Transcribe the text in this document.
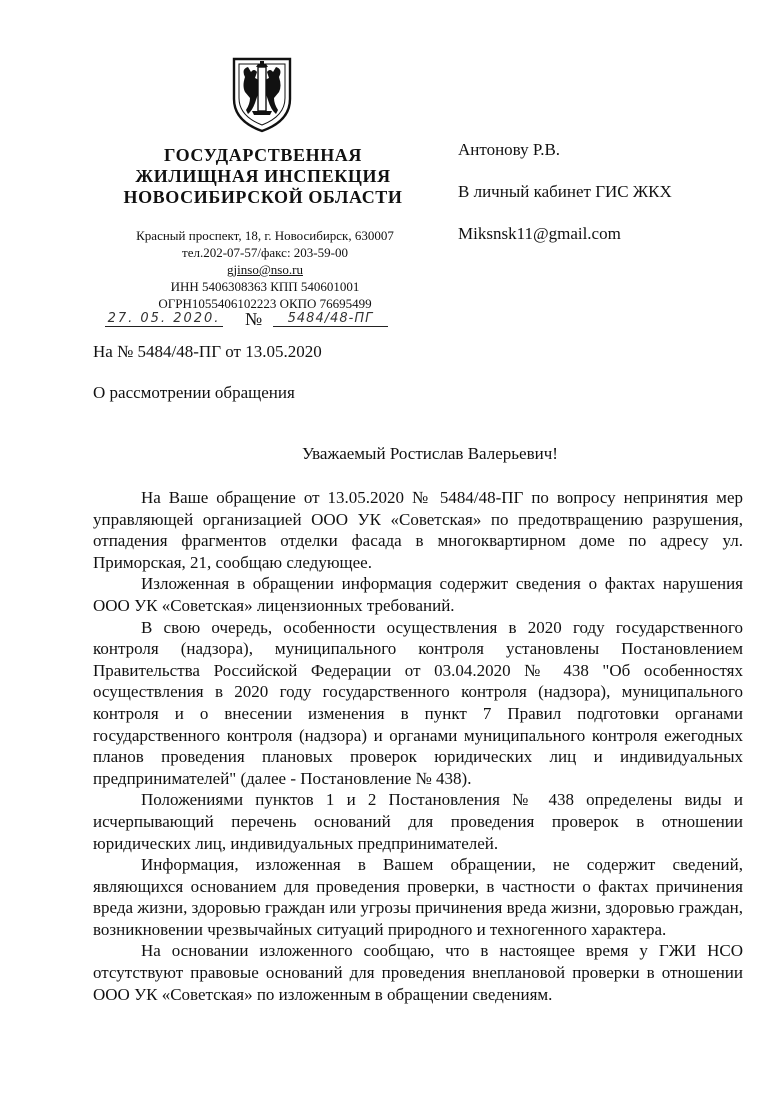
ГОСУДАРСТВЕННАЯ
ЖИЛИЩНАЯ ИНСПЕКЦИЯ
НОВОСИБИРСКОЙ ОБЛАСТИ
Красный проспект, 18, г. Новосибирск, 630007
тел.202-07-57/факс: 203-59-00
gjinso@nso.ru
ИНН 5406308363 КПП 540601001
ОГРН1055406102223 ОКПО 76695499
27. 05. 2020. №	5484/48-ПГ
На № 5484/48-ПГ от 13.05.2020
О рассмотрении обращения
Антонову Р.В.
В личный кабинет ГИС ЖКХ
Miksnsk11@gmail.com
Уважаемый Ростислав Валерьевич!

На Ваше обращение от 13.05.2020 № 5484/48-ПГ по вопросу непринятия мер управляющей организацией ООО УК «Советская» по предотвращению разрушения, отпадения фрагментов отделки фасада в многоквартирном доме по адресу ул. Приморская, 21, сообщаю следующее.

Изложенная в обращении информация содержит сведения о фактах нарушения ООО УК «Советская» лицензионных требований.

В свою очередь, особенности осуществления в 2020 году государственного контроля (надзора), муниципального контроля установлены Постановлением Правительства Российской Федерации от 03.04.2020 № 438 "Об особенностях осуществления в 2020 году государственного контроля (надзора), муниципального контроля и о внесении изменения в пункт 7 Правил подготовки органами государственного контроля (надзора) и органами муниципального контроля ежегодных планов проведения плановых проверок юридических лиц и индивидуальных предпринимателей" (далее - Постановление № 438).

Положениями пунктов 1 и 2 Постановления № 438 определены виды и исчерпывающий перечень оснований для проведения проверок в отношении юридических лиц, индивидуальных предпринимателей.

Информация, изложенная в Вашем обращении, не содержит сведений, являющихся основанием для проведения проверки, в частности о фактах причинения вреда жизни, здоровью граждан или угрозы причинения вреда жизни, здоровью граждан, возникновении чрезвычайных ситуаций природного и техногенного характера.

На основании изложенного сообщаю, что в настоящее время у ГЖИ НСО отсутствуют правовые оснований для проведения внеплановой проверки в отношении ООО УК «Советская» по изложенным в обращении сведениям.
